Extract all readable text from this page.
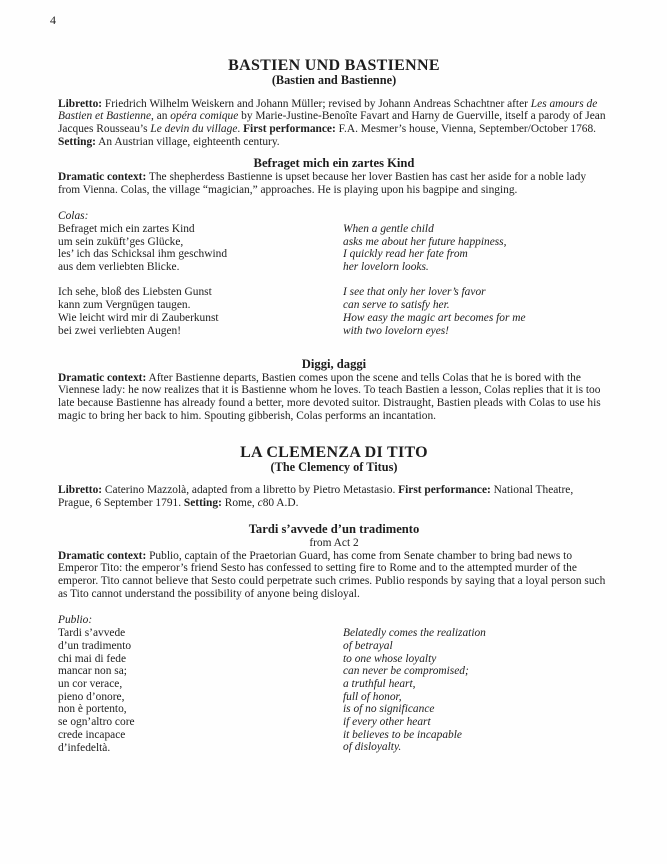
4
BASTIEN UND BASTIENNE
(Bastien and Bastienne)

Libretto: Friedrich Wilhelm Weiskern and Johann Müller; revised by Johann Andreas Schachtner after Les amours de Bastien et Bastienne, an opéra comique by Marie-Justine-Benoîte Favart and Harny de Guerville, itself a parody of Jean Jacques Rousseau’s Le devin du village. First performance: F.A. Mesmer’s house, Vienna, September/October 1768. Setting: An Austrian village, eighteenth century.

Befraget mich ein zartes Kind

Dramatic context: The shepherdess Bastienne is upset because her lover Bastien has cast her aside for a noble lady from Vienna. Colas, the village “magician,” approaches. He is playing upon his bagpipe and singing.

Colas:

Befraget mich ein zartes Kind
um sein zuküft’ges Glücke,
les’ ich das Schicksal ihm geschwind
aus dem verliebten Blicke.

Ich sehe, bloß des Liebsten Gunst
kann zum Vergnügen taugen.
Wie leicht wird mir di Zauberkunst
bei zwei verliebten Augen!

When a gentle child
asks me about her future happiness,
I quickly read her fate from
her lovelorn looks.

I see that only her lover’s favor
can serve to satisfy her.
How easy the magic art becomes for me
with two lovelorn eyes!

Diggi, daggi

Dramatic context: After Bastienne departs, Bastien comes upon the scene and tells Colas that he is bored with the Viennese lady: he now realizes that it is Bastienne whom he loves. To teach Bastien a lesson, Colas replies that it is too late because Bastienne has already found a better, more devoted suitor. Distraught, Bastien pleads with Colas to use his magic to bring her back to him. Spouting gibberish, Colas performs an incantation.

LA CLEMENZA DI TITO
(The Clemency of Titus)

Libretto: Caterino Mazzolà, adapted from a libretto by Pietro Metastasio. First performance: National Theatre, Prague, 6 September 1791. Setting: Rome, c80 A.D.

Tardi s’avvede d’un tradimento
from Act 2

Dramatic context: Publio, captain of the Praetorian Guard, has come from Senate chamber to bring bad news to Emperor Tito: the emperor’s friend Sesto has confessed to setting fire to Rome and to the attempted murder of the emperor. Tito cannot believe that Sesto could perpetrate such crimes. Publio responds by saying that a loyal person such as Tito cannot understand the possibility of anyone being disloyal.

Publio:

Tardi s’avvede
d’un tradimento
chi mai di fede
mancar non sa;
un cor verace,
pieno d’onore,
non è portento,
se ogn’altro core
crede incapace
d’infedeltà.

Belatedly comes the realization
of betrayal
to one whose loyalty
can never be compromised;
a truthful heart,
full of honor,
is of no significance
if every other heart
it believes to be incapable
of disloyalty.
